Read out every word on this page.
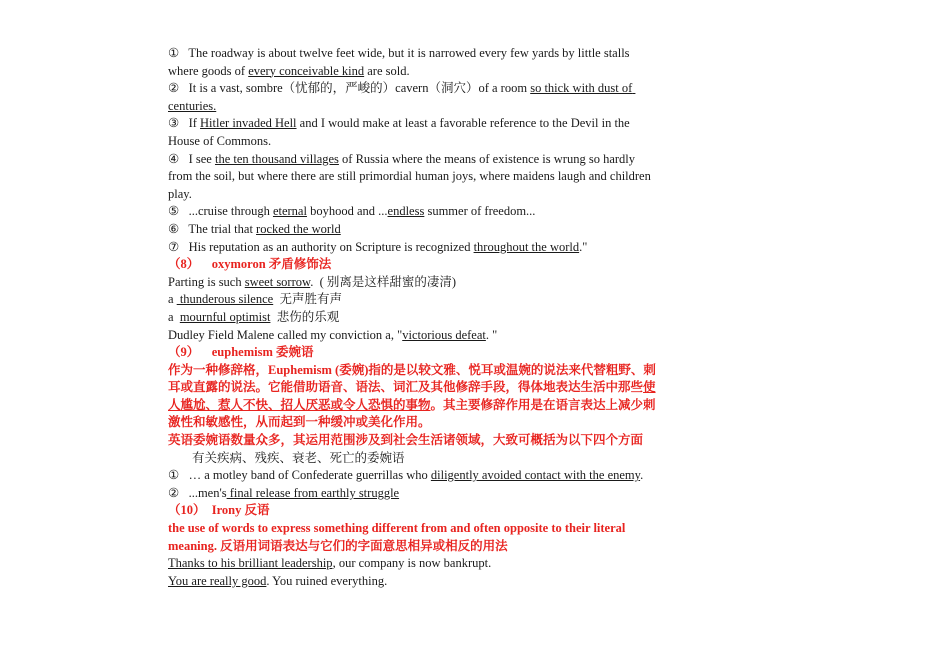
①   The roadway is about twelve feet wide, but it is narrowed every few yards by little stalls where goods of every conceivable kind are sold.
②   It is a vast, sombre（忧郁的，严峻的）cavern（洞穴）of a room so thick with dust of centuries.
③   If Hitler invaded Hell and I would make at least a favorable reference to the Devil in the House of Commons.
④   I see the ten thousand villages of Russia where the means of existence is wrung so hardly from the soil, but where there are still primordial human joys, where maidens laugh and children play.
⑤   ...cruise through eternal boyhood and ...endless summer of freedom...
⑥   The trial that rocked the world
⑦   His reputation as an authority on Scripture is recognized throughout the world."
（8）    oxymoron 矛盾修饰法
Parting is such sweet sorrow.  ( 别离是这样甜蜜的凄清)
a  thunderous silence  无声胜有声
a  mournful optimist  悲伤的乐观
Dudley Field Malene called my conviction a, "victorious defeat. "
（9）    euphemism 委婉语
作为一种修辞格，Euphemism (委婉)指的是以较文雅、悦耳或温婉的说法来代替粗野、刺耳或直露的说法。它能借助语音、语法、词汇及其他修辞手段，得体地表达生活中那些使人尴尬、惹人不快、招人厌恶或令人恐惧的事物。其主要修辞作用是在语言表达上减少刺激性和敏感性，从而起到一种缓冲或美化作用。
英语委婉语数量众多，其运用范围涉及到社会生活诸领域，大致可概括为以下四个方面
有关疾病、残疾、衰老、死亡的委婉语
①   … a motley band of Confederate guerrillas who diligently avoided contact with the enemy.
②   ...men's final release from earthly struggle
（10）  Irony 反语
the use of words to express something different from and often opposite to their literal meaning. 反语用词语表达与它们的字面意思相异或相反的用法
Thanks to his brilliant leadership, our company is now bankrupt.
You are really good. You ruined everything.
